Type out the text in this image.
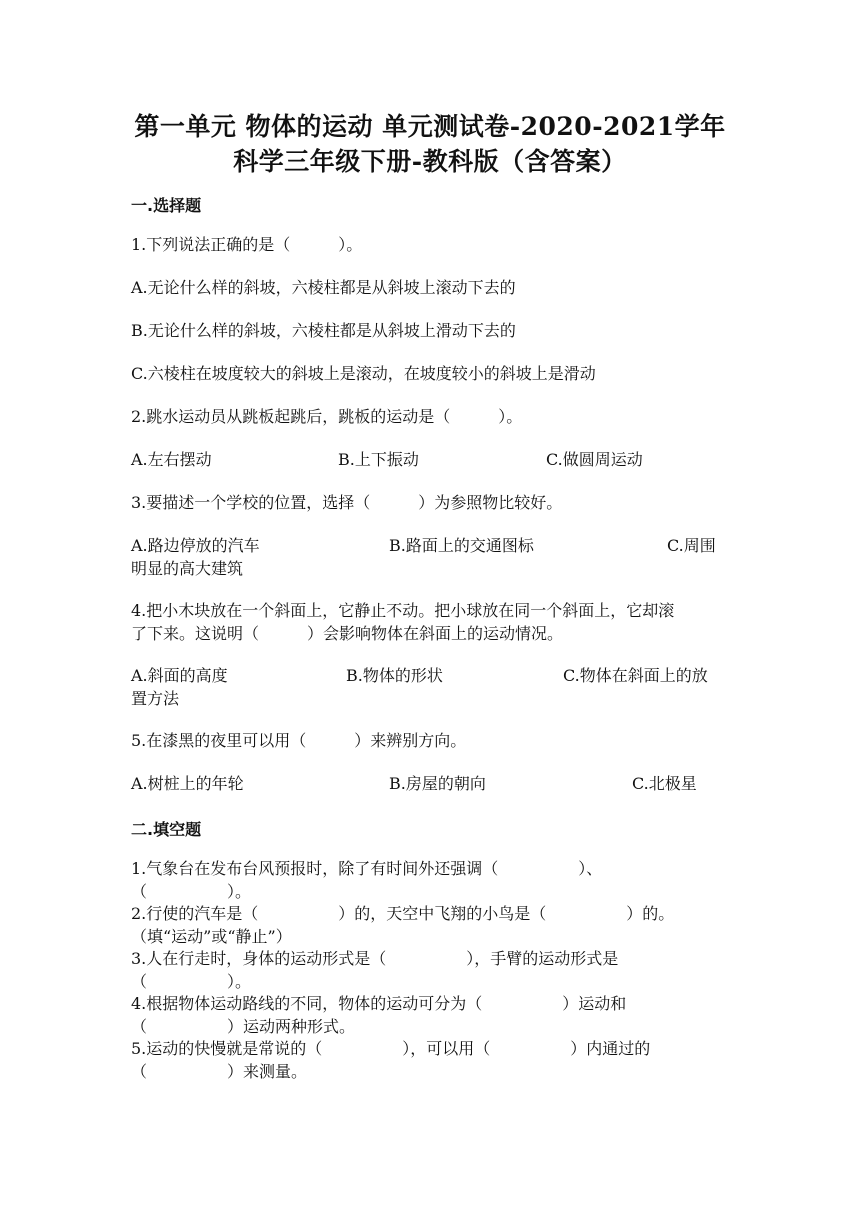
第一单元 物体的运动 单元测试卷-2020-2021学年
科学三年级下册-教科版（含答案）
一.选择题
1.下列说法正确的是（　　　）。
A.无论什么样的斜坡，六棱柱都是从斜坡上滚动下去的
B.无论什么样的斜坡，六棱柱都是从斜坡上滑动下去的
C.六棱柱在坡度较大的斜坡上是滚动，在坡度较小的斜坡上是滑动
2.跳水运动员从跳板起跳后，跳板的运动是（　　　）。
A.左右摆动	B.上下振动	C.做圆周运动
3.要描述一个学校的位置，选择（　　　）为参照物比较好。
A.路边停放的汽车	B.路面上的交通图标	C.周围
明显的高大建筑
4.把小木块放在一个斜面上，它静止不动。把小球放在同一个斜面上，它却滚
了下来。这说明（　　　）会影响物体在斜面上的运动情况。
A.斜面的高度	B.物体的形状	C.物体在斜面上的放
置方法
5.在漆黑的夜里可以用（　　　）来辨别方向。
A.树桩上的年轮	B.房屋的朝向	C.北极星
二.填空题
1.气象台在发布台风预报时，除了有时间外还强调（　　　　　）、
（　　　　　）。
2.行使的汽车是（　　　　　）的，天空中飞翔的小鸟是（　　　　　）的。
（填“运动”或“静止”）
3.人在行走时，身体的运动形式是（　　　　　），手臂的运动形式是
（　　　　　）。
4.根据物体运动路线的不同，物体的运动可分为（　　　　　）运动和
（　　　　　）运动两种形式。
5.运动的快慢就是常说的（　　　　　），可以用（　　　　　）内通过的
（　　　　　）来测量。
